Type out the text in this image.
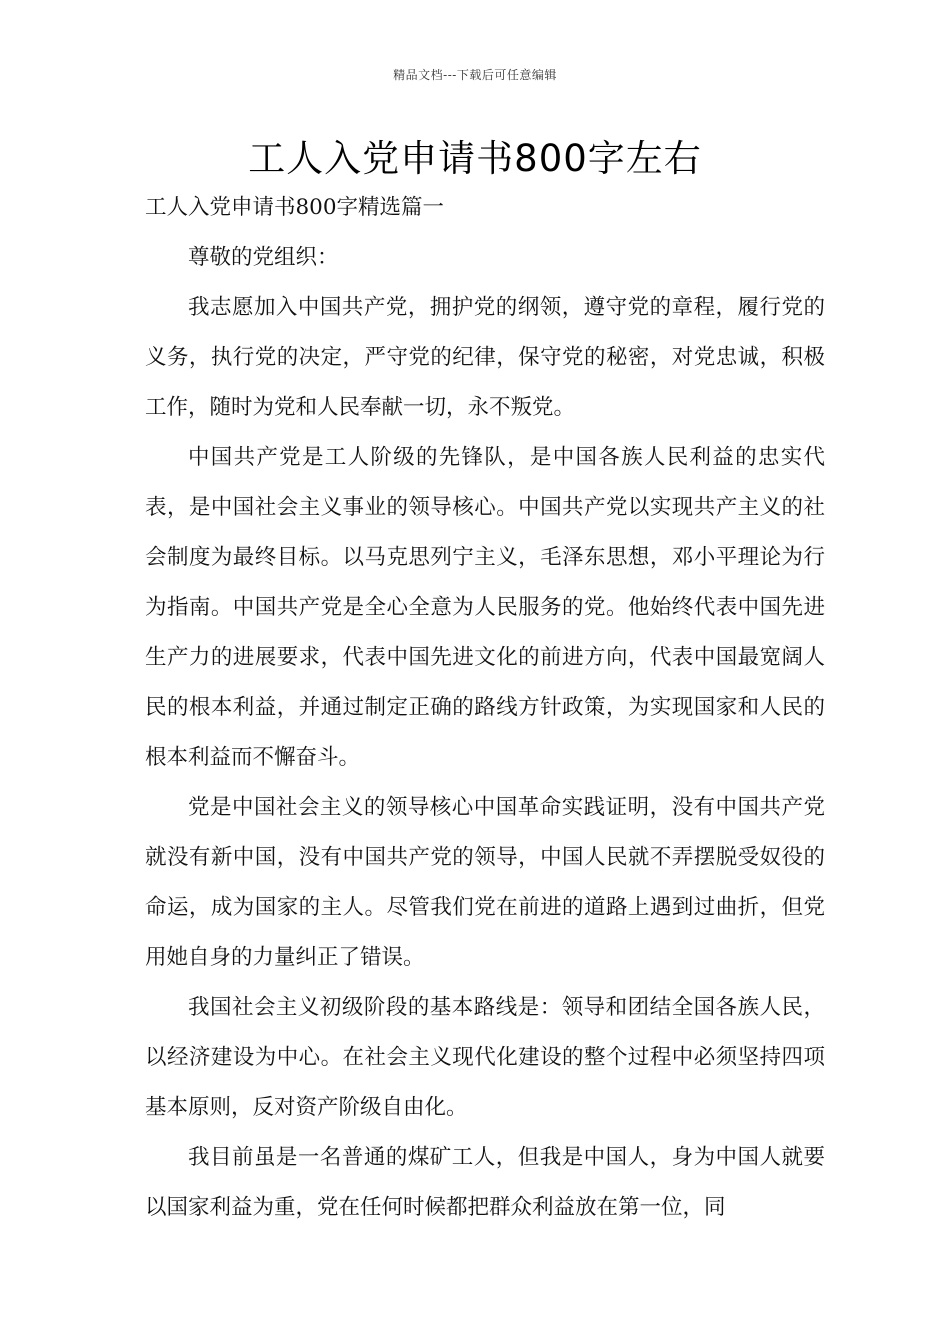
精品文档---下载后可任意编辑
工人入党申请书800字左右

工人入党申请书800字精选篇一

尊敬的党组织：

我志愿加入中国共产党，拥护党的纲领，遵守党的章程，履行党的义务，执行党的决定，严守党的纪律，保守党的秘密，对党忠诚，积极工作，随时为党和人民奉献一切，永不叛党。

中国共产党是工人阶级的先锋队，是中国各族人民利益的忠实代表，是中国社会主义事业的领导核心。中国共产党以实现共产主义的社会制度为最终目标。以马克思列宁主义，毛泽东思想，邓小平理论为行为指南。中国共产党是全心全意为人民服务的党。他始终代表中国先进生产力的进展要求，代表中国先进文化的前进方向，代表中国最宽阔人民的根本利益，并通过制定正确的路线方针政策，为实现国家和人民的根本利益而不懈奋斗。

党是中国社会主义的领导核心中国革命实践证明，没有中国共产党就没有新中国，没有中国共产党的领导，中国人民就不弄摆脱受奴役的命运，成为国家的主人。尽管我们党在前进的道路上遇到过曲折，但党用她自身的力量纠正了错误。

我国社会主义初级阶段的基本路线是：领导和团结全国各族人民，以经济建设为中心。在社会主义现代化建设的整个过程中必须坚持四项基本原则，反对资产阶级自由化。

我目前虽是一名普通的煤矿工人，但我是中国人，身为中国人就要以国家利益为重，党在任何时候都把群众利益放在第一位，同
